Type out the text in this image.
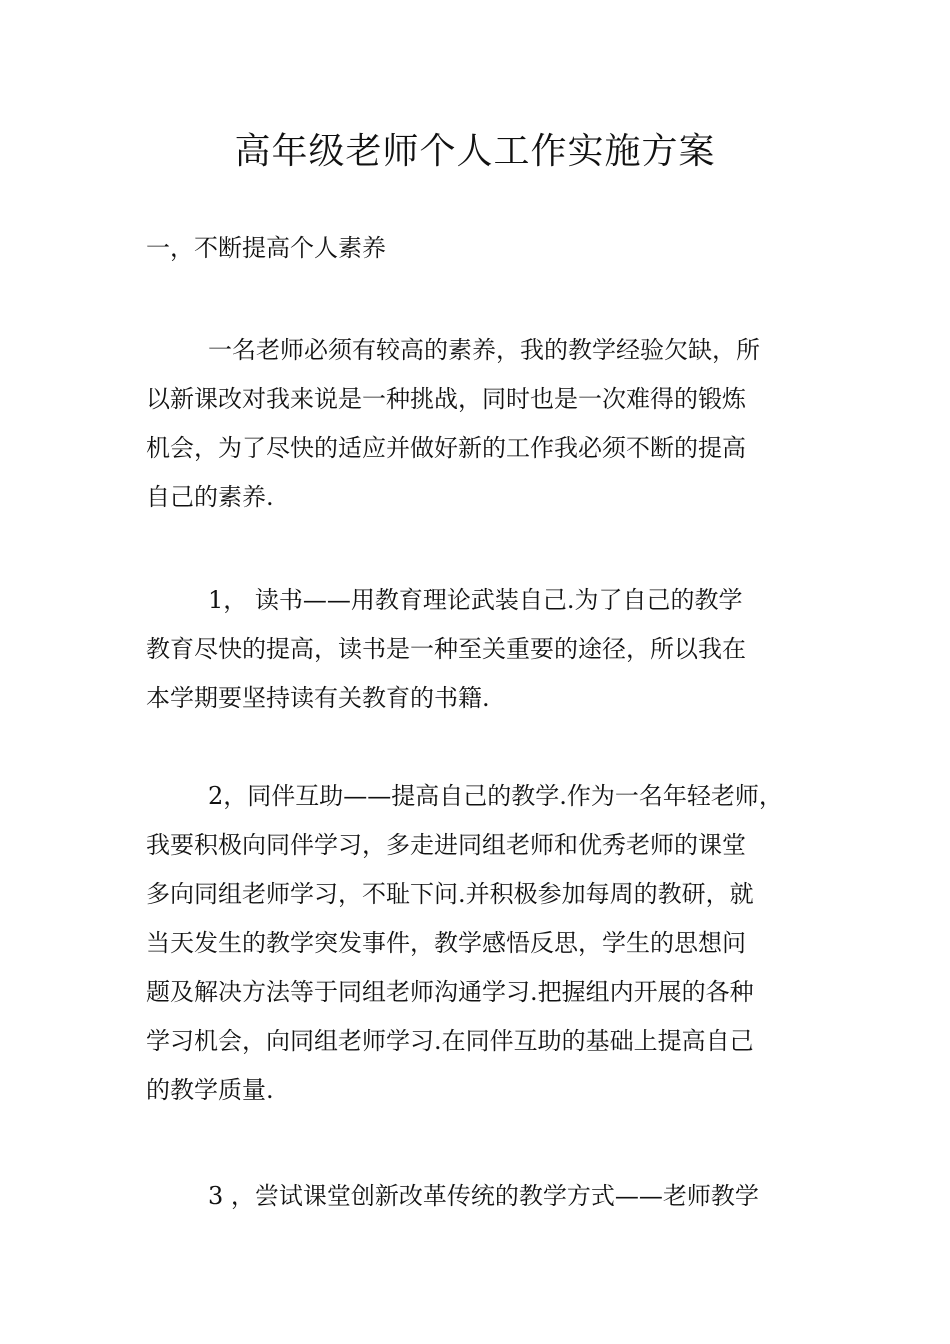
高年级老师个人工作实施方案
一，不断提高个人素养
一名老师必须有较高的素养，我的教学经验欠缺，所
以新课改对我来说是一种挑战，同时也是一次难得的锻炼
机会，为了尽快的适应并做好新的工作我必须不断的提高
自己的素养.
1， 读书——用教育理论武装自己.为了自己的教学
教育尽快的提高，读书是一种至关重要的途径，所以我在
本学期要坚持读有关教育的书籍.
2，同伴互助——提高自己的教学.作为一名年轻老师，
我要积极向同伴学习，多走进同组老师和优秀老师的课堂
多向同组老师学习，不耻下问.并积极参加每周的教研，就
当天发生的教学突发事件，教学感悟反思，学生的思想问
题及解决方法等于同组老师沟通学习.把握组内开展的各种
学习机会，向同组老师学习.在同伴互助的基础上提高自己
的教学质量.
3 ，尝试课堂创新改革传统的教学方式——老师教学
